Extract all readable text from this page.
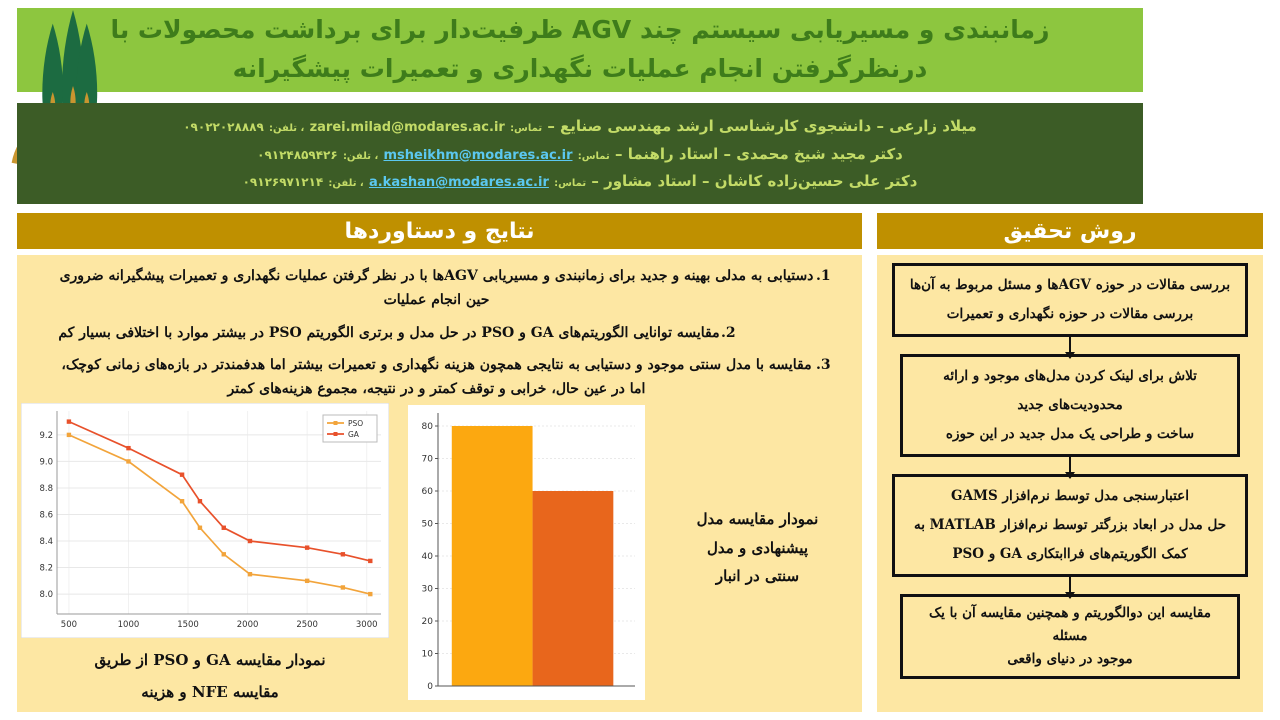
زمانبندی و مسیریابی سیستم چند AGV ظرفیت‌دار برای برداشت محصولات با درنظرگرفتن انجام عملیات نگهداری و تعمیرات پیشگیرانه
میلاد زارعی – دانشجوی کارشناسی ارشد مهندسی صنایع – تماس: zarei.milad@modares.ac.ir ، تلفن: ۰۹۰۲۲۰۲۸۸۸۹
دکتر مجید شیخ محمدی – استاد راهنما – تماس: msheikhm@modares.ac.ir ، تلفن: ۰۹۱۲۴۸۵۹۴۲۶
دکتر علی حسین‌زاده کاشان – استاد مشاور – تماس: a.kashan@modares.ac.ir ، تلفن: ۰۹۱۲۶۹۷۱۲۱۴
نتایج و دستاوردها
1.
دستیابی به مدلی بهینه و جدید برای زمانبندی و مسیریابی AGVها با در نظر گرفتن عملیات نگهداری و تعمیرات پیشگیرانه ضروری حین انجام عملیات
2.
مقایسه توانایی الگوریتم‌های GA و PSO در حل مدل و برتری الگوریتم PSO در بیشتر موارد با اختلافی بسیار کم
3.
مقایسه با مدل سنتی موجود و دستیابی به نتایجی همچون هزینه نگهداری و تعمیرات بیشتر اما هدفمندتر در بازه‌های زمانی کوچک، اما در عین حال، خرابی و توقف کمتر و در نتیجه، مجموع هزینه‌های کمتر
500	1000	1500	2000	2500	3000
8.0
8.2
8.4
8.6
8.8
9.0
9.2
PSO
GA
0
10
20
30
40
50
60
70
80
نمودار مقایسه مدل
پیشنهادی و مدل
سنتی در انبار
نمودار مقایسه GA و PSO از طریق
مقایسه NFE و هزینه
روش تحقیق
بررسی مقالات در حوزه AGVها و مسئل مربوط به آن‌ها
بررسی مقالات در حوزه نگهداری و تعمیرات
تلاش برای لینک کردن مدل‌های موجود و ارائه محدودیت‌های جدید
ساخت و طراحی یک مدل جدید در این حوزه
اعتبارسنجی مدل توسط نرم‌افزار GAMS
حل مدل در ابعاد بزرگتر توسط نرم‌افزار MATLAB به کمک الگوریتم‌های فراابتکاری GA و PSO
مقایسه این دوالگوریتم و همچنین مقایسه آن با یک مسئله
موجود در دنیای واقعی
